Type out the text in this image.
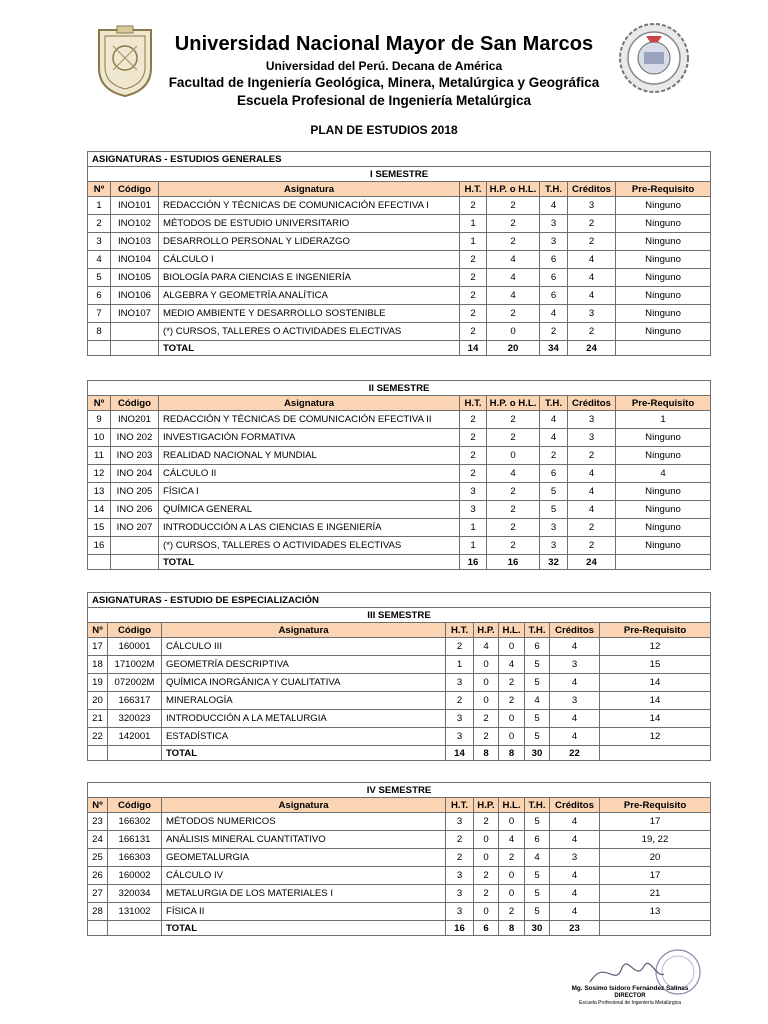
Universidad Nacional Mayor de San Marcos
Universidad del Perú. Decana de América
Facultad de Ingeniería Geológica, Minera, Metalúrgica y Geográfica
Escuela Profesional de Ingeniería Metalúrgica
PLAN DE ESTUDIOS 2018
ASIGNATURAS - ESTUDIOS GENERALES							
I SEMESTRE							
Nº	Código	Asignatura	H.T.	H.P. o H.L.	T.H.	Créditos	Pre-Requisito
1	INO101	REDACCIÓN Y TÉCNICAS DE COMUNICACIÓN EFECTIVA I	2	2	4	3	Ninguno
2	INO102	MÉTODOS DE ESTUDIO UNIVERSITARIO	1	2	3	2	Ninguno
3	INO103	DESARROLLO PERSONAL Y LIDERAZGO	1	2	3	2	Ninguno
4	INO104	CÁLCULO I	2	4	6	4	Ninguno
5	INO105	BIOLOGÍA PARA CIENCIAS E INGENIERÍA	2	4	6	4	Ninguno
6	INO106	ALGEBRA Y GEOMETRÍA ANALÍTICA	2	4	6	4	Ninguno
7	INO107	MEDIO AMBIENTE Y DESARROLLO SOSTENIBLE	2	2	4	3	Ninguno
8		(*) CURSOS, TALLERES O ACTIVIDADES ELECTIVAS	2	0	2	2	Ninguno
		TOTAL	14	20	34	24	
II SEMESTRE							
Nº	Código	Asignatura	H.T.	H.P. o H.L.	T.H.	Créditos	Pre-Requisito
9	INO201	REDACCIÓN Y TÉCNICAS DE COMUNICACIÓN EFECTIVA II	2	2	4	3	1
10	INO 202	INVESTIGACIÓN FORMATIVA	2	2	4	3	Ninguno
11	INO 203	REALIDAD NACIONAL Y MUNDIAL	2	0	2	2	Ninguno
12	INO 204	CÁLCULO II	2	4	6	4	4
13	INO 205	FÍSICA I	3	2	5	4	Ninguno
14	INO 206	QUÍMICA GENERAL	3	2	5	4	Ninguno
15	INO 207	INTRODUCCIÓN A LAS CIENCIAS E INGENIERÍA	1	2	3	2	Ninguno
16		(*) CURSOS, TALLERES O ACTIVIDADES ELECTIVAS	1	2	3	2	Ninguno
		TOTAL	16	16	32	24	
ASIGNATURAS - ESTUDIO DE ESPECIALIZACIÓN								
III SEMESTRE								
Nº	Código	Asignatura	H.T.	H.P.	H.L.	T.H.	Créditos	Pre-Requisito
17	160001	CÁLCULO III	2	4	0	6	4	12
18	171002M	GEOMETRÍA DESCRIPTIVA	1	0	4	5	3	15
19	072002M	QUÍMICA INORGÁNICA Y CUALITATIVA	3	0	2	5	4	14
20	166317	MINERALOGÍA	2	0	2	4	3	14
21	320023	INTRODUCCIÓN A LA METALURGIA	3	2	0	5	4	14
22	142001	ESTADÍSTICA	3	2	0	5	4	12
		TOTAL	14	8	8	30	22	
IV SEMESTRE								
Nº	Código	Asignatura	H.T.	H.P.	H.L.	T.H.	Créditos	Pre-Requisito
23	166302	MÉTODOS NUMERICOS	3	2	0	5	4	17
24	166131	ANÁLISIS MINERAL CUANTITATIVO	2	0	4	6	4	19, 22
25	166303	GEOMETALURGIA	2	0	2	4	3	20
26	160002	CÁLCULO IV	3	2	0	5	4	17
27	320034	METALURGIA DE LOS MATERIALES I	3	2	0	5	4	21
28	131002	FÍSICA II	3	0	2	5	4	13
		TOTAL	16	6	8	30	23	
Mg. Sosimo Isidoro Fernández Salinas
DIRECTOR
Escuela Profesional de Ingeniería Metalúrgica
